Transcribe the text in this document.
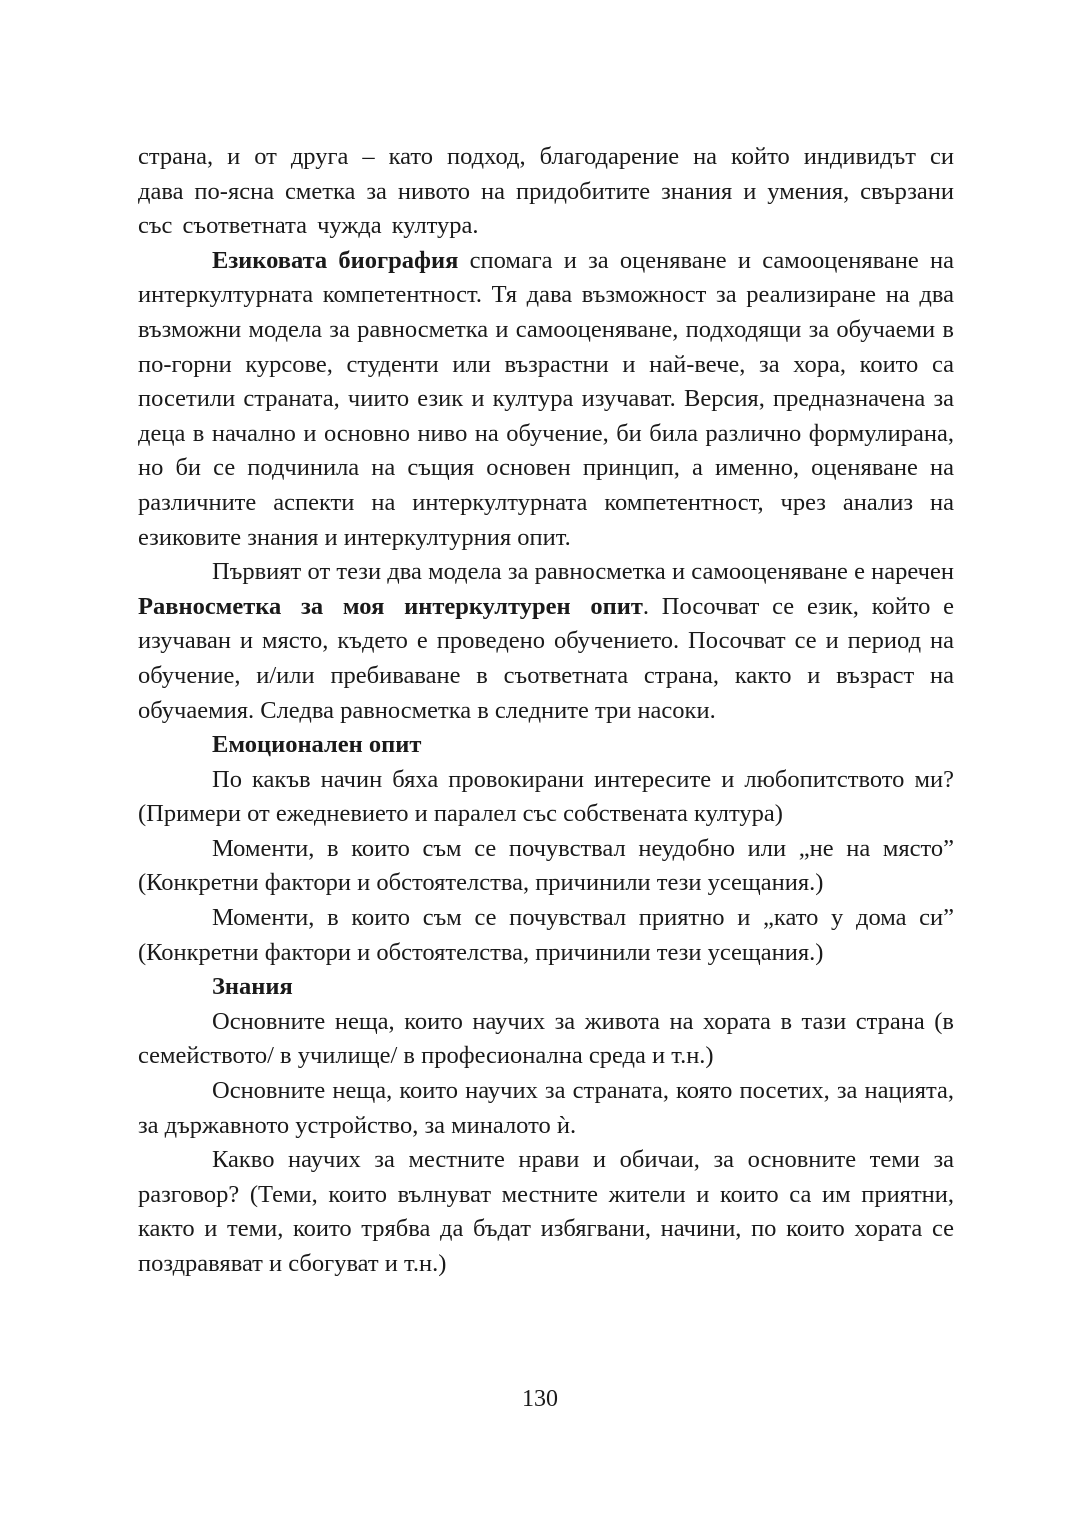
страна, и от друга – като подход, благодарение на който индивидът си дава по-ясна сметка за нивото на придобитите знания и умения, свързани със съответната чужда култура.

Езиковата биография спомага и за оценяване и самооценяване на интеркултурната компетентност. Тя дава възможност за реализиране на два възможни модела за равносметка и самооценяване, подходящи за обучаеми в по-горни курсове, студенти или възрастни и най-вече, за хора, които са посетили страната, чиито език и култура изучават. Версия, предназначена за деца в начално и основно ниво на обучение, би била различно формулирана, но би се подчинила на същия основен принцип, а именно, оценяване на различните аспекти на интеркултурната компетентност, чрез анализ на езиковите знания и интеркултурния опит.

Първият от тези два модела за равносметка и самооценяване е наречен Равносметка за моя интеркултурен опит. Посочват се език, който е изучаван и място, където е проведено обучението. Посочват се и период на обучение, и/или пребиваване в съответната страна, както и възраст на обучаемия. Следва равносметка в следните три насоки.

Емоционален опит

По какъв начин бяха провокирани интересите и любопитството ми? (Примери от ежедневието и паралел със собствената култура)

Моменти, в които съм се почувствал неудобно или „не на място” (Конкретни фактори и обстоятелства, причинили тези усещания.)

Моменти, в които съм се почувствал приятно и „като у дома си” (Конкретни фактори и обстоятелства, причинили тези усещания.)

Знания

Основните неща, които научих за живота на хората в тази страна (в семейството/ в училище/ в професионална среда и т.н.)

Основните неща, които научих за страната, която посетих, за нацията, за държавното устройство, за миналото ѝ.

Какво научих за местните нрави и обичаи, за основните теми за разговор? (Теми, които вълнуват местните жители и които са им приятни, както и теми, които трябва да бъдат избягвани, начини, по които хората се поздравяват и сбогуват и т.н.)

130
